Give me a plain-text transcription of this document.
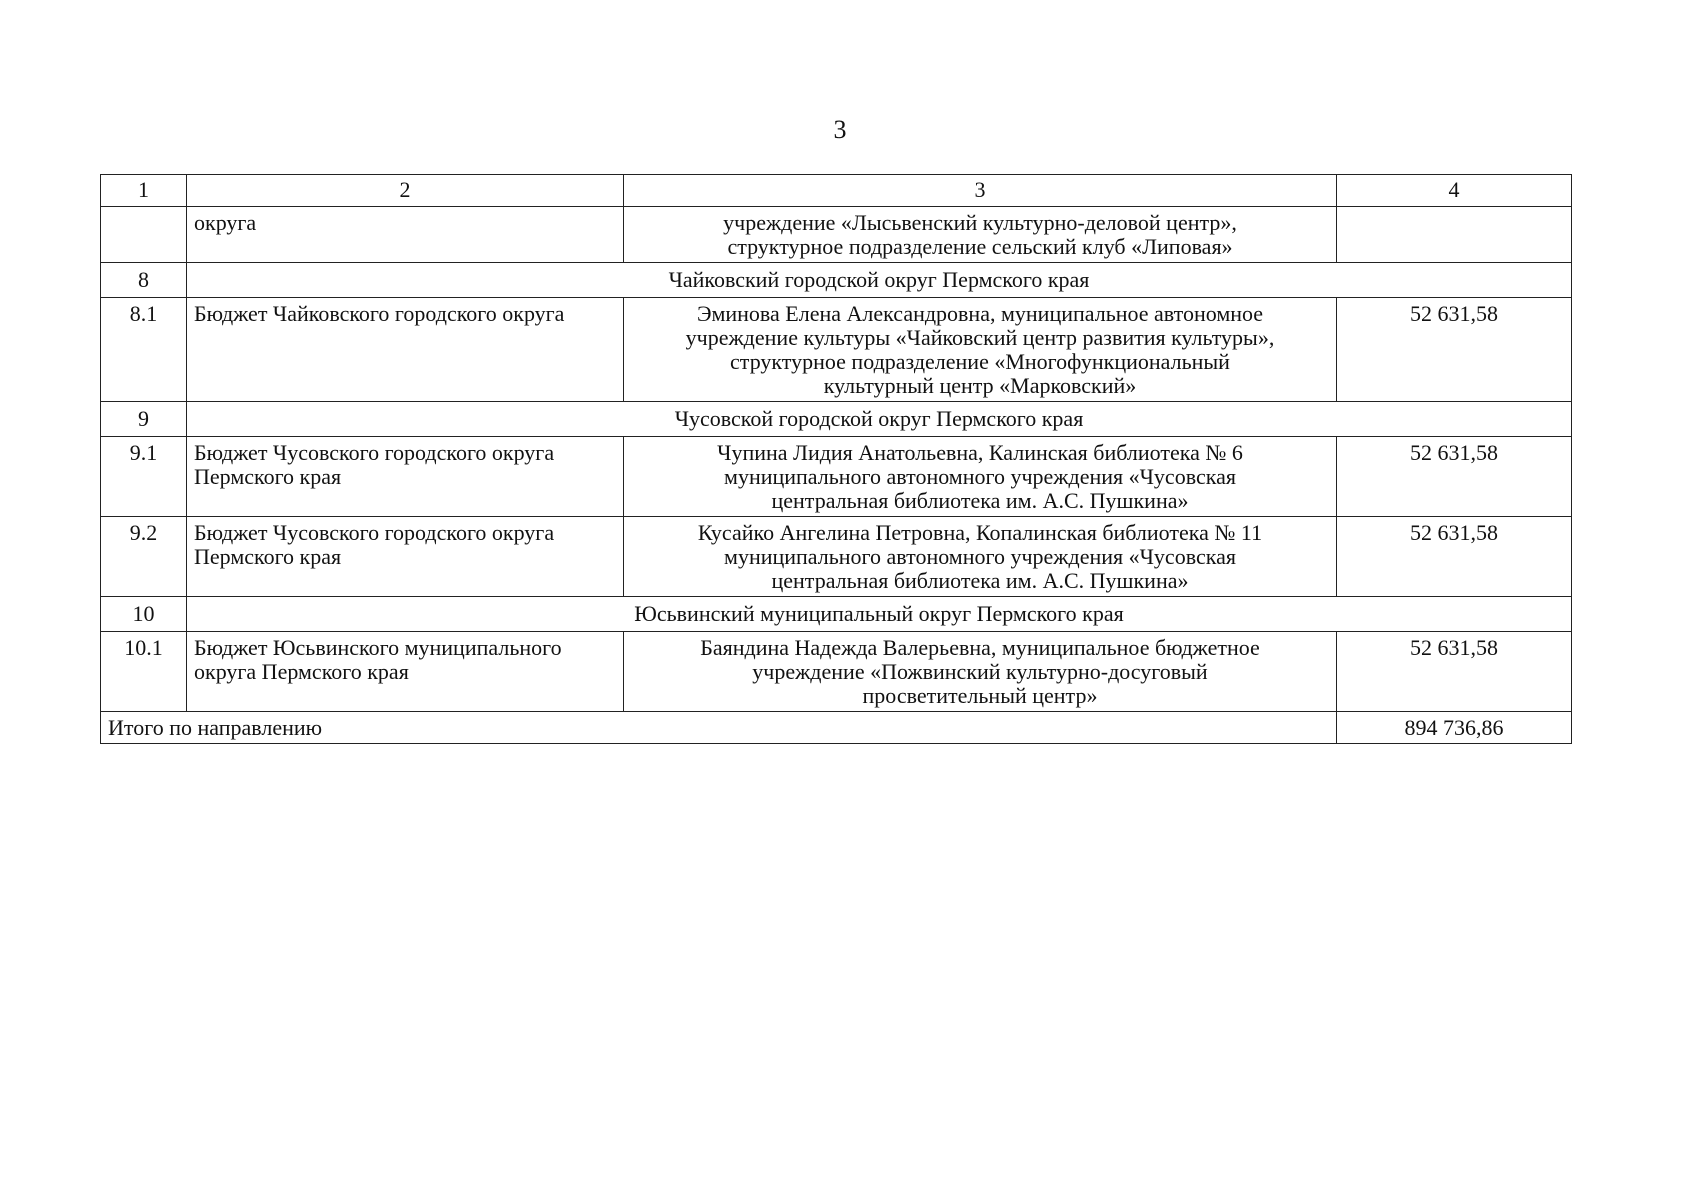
3
1	2	3	4
	округа	учреждение «Лысьвенский культурно-деловой центр»,
структурное подразделение сельский клуб «Липовая»	

8	Чайковский городской округ Пермского края		
8.1	Бюджет Чайковского городского округа	Эминова Елена Александровна, муниципальное автономное
учреждение культуры «Чайковский центр развития культуры»,
структурное подразделение «Многофункциональный
культурный центр «Марковский»	52 631,58
9	Чусовской городской округ Пермского края		
9.1	Бюджет Чусовского городского округа
Пермского края	Чупина Лидия Анатольевна, Калинская библиотека № 6
муниципального автономного учреждения «Чусовская
центральная библиотека им. А.С. Пушкина»	52 631,58
9.2	Бюджет Чусовского городского округа
Пермского края	Кусайко Ангелина Петровна, Копалинская библиотека № 11
муниципального автономного учреждения «Чусовская
центральная библиотека им. А.С. Пушкина»	52 631,58
10	Юсьвинский муниципальный округ Пермского края		
10.1	Бюджет Юсьвинского муниципального
округа Пермского края	Баяндина Надежда Валерьевна, муниципальное бюджетное
учреждение «Пожвинский культурно-досуговый
просветительный центр»	52 631,58
Итого по направлению			894 736,86
